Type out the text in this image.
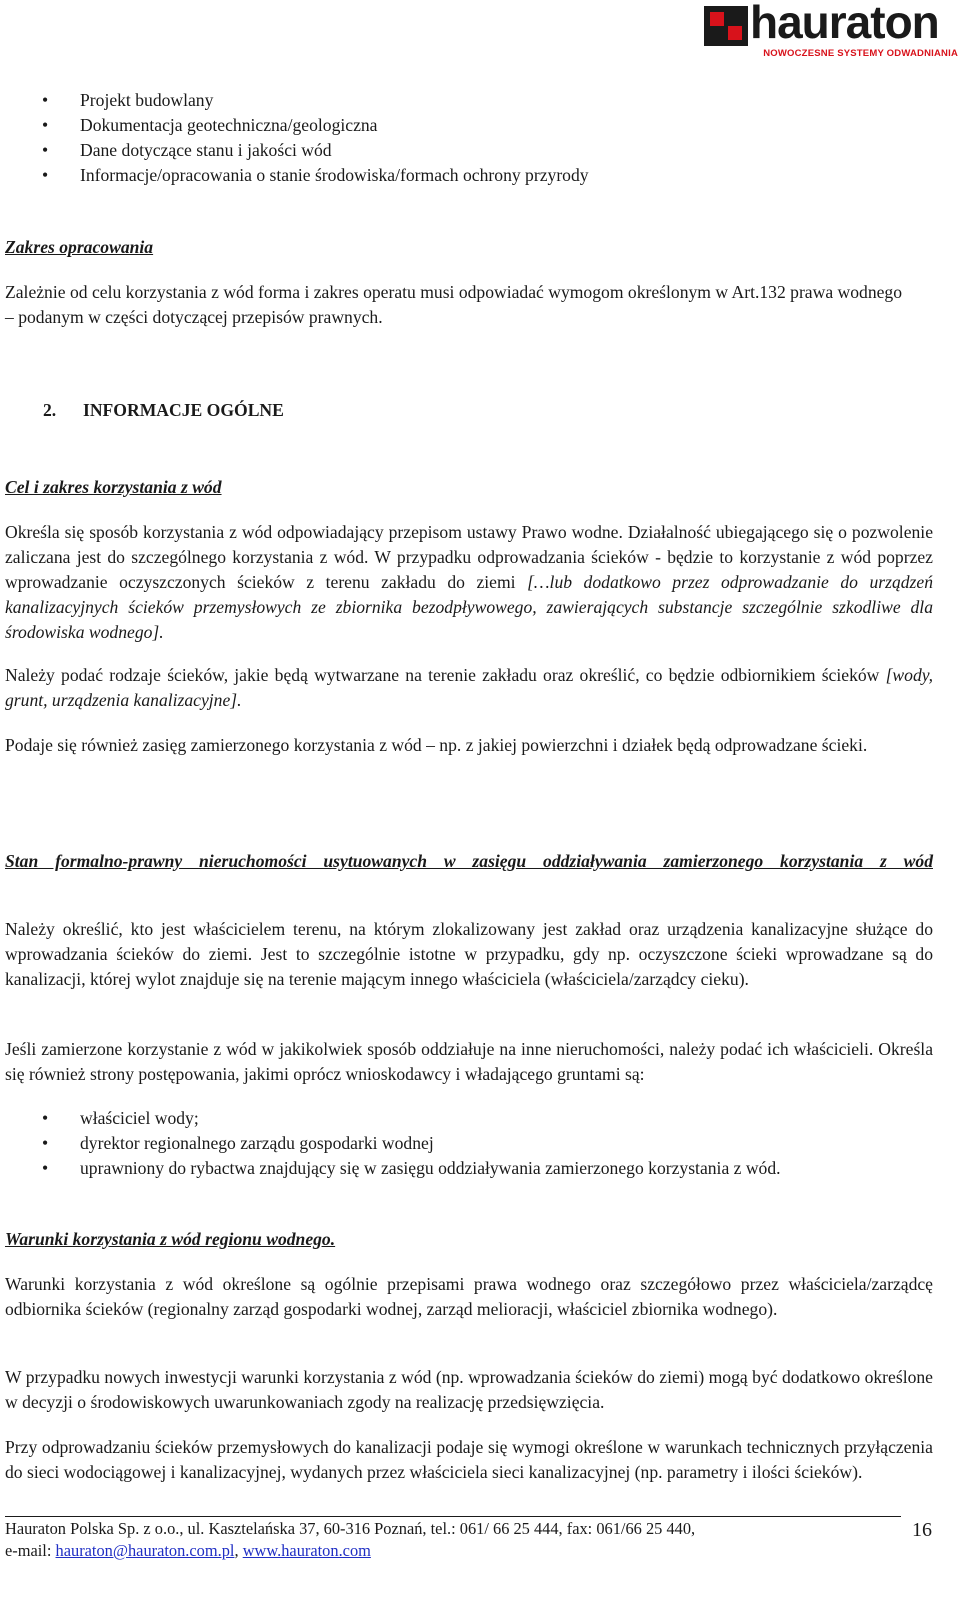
hauraton
NOWOCZESNE SYSTEMY ODWADNIANIA
• Projekt budowlany
• Dokumentacja geotechniczna/geologiczna
• Dane dotyczące stanu i jakości wód
• Informacje/opracowania o stanie środowiska/formach ochrony przyrody
Zakres opracowania
Zależnie od celu korzystania z wód forma i zakres operatu musi odpowiadać wymogom określonym w Art.132 prawa wodnego – podanym w części dotyczącej przepisów prawnych.
2. INFORMACJE OGÓLNE
Cel i zakres korzystania z wód
Określa się sposób korzystania z wód odpowiadający przepisom ustawy Prawo wodne. Działalność ubiegającego się o pozwolenie zaliczana jest do szczególnego korzystania z wód. W przypadku odprowadzania ścieków - będzie to korzystanie z wód poprzez wprowadzanie oczyszczonych ścieków z terenu zakładu do ziemi […lub dodatkowo przez odprowadzanie do urządzeń kanalizacyjnych ścieków przemysłowych ze zbiornika bezodpływowego, zawierających substancje szczególnie szkodliwe dla środowiska wodnego].
Należy podać rodzaje ścieków, jakie będą wytwarzane na terenie zakładu oraz określić, co będzie odbiornikiem ścieków [wody, grunt, urządzenia kanalizacyjne].
Podaje się również zasięg zamierzonego korzystania z wód – np. z jakiej powierzchni i działek będą odprowadzane ścieki.
Stan formalno-prawny nieruchomości usytuowanych w zasięgu oddziaływania zamierzonego korzystania z wód
Należy określić, kto jest właścicielem terenu, na którym zlokalizowany jest zakład oraz urządzenia kanalizacyjne służące do wprowadzania ścieków do ziemi. Jest to szczególnie istotne w przypadku, gdy np. oczyszczone ścieki wprowadzane są do kanalizacji, której wylot znajduje się na terenie mającym innego właściciela (właściciela/zarządcy cieku).
Jeśli zamierzone korzystanie z wód w jakikolwiek sposób oddziałuje na inne nieruchomości, należy podać ich właścicieli. Określa się również strony postępowania, jakimi oprócz wnioskodawcy i władającego gruntami są:
• właściciel wody;
• dyrektor regionalnego zarządu gospodarki wodnej
• uprawniony do rybactwa znajdujący się w zasięgu oddziaływania zamierzonego korzystania z wód.
Warunki korzystania z wód regionu wodnego.
Warunki korzystania z wód określone są ogólnie przepisami prawa wodnego oraz szczegółowo przez właściciela/zarządcę odbiornika ścieków (regionalny zarząd gospodarki wodnej, zarząd melioracji, właściciel zbiornika wodnego).
W przypadku nowych inwestycji warunki korzystania z wód (np. wprowadzania ścieków do ziemi) mogą być dodatkowo określone w decyzji o środowiskowych uwarunkowaniach zgody na realizację przedsięwzięcia.
Przy odprowadzaniu ścieków przemysłowych do kanalizacji podaje się wymogi określone w warunkach technicznych przyłączenia do sieci wodociągowej i kanalizacyjnej, wydanych przez właściciela sieci kanalizacyjnej (np. parametry i ilości ścieków).
Hauraton Polska Sp. z o.o., ul. Kasztelańska 37, 60-316 Poznań, tel.: 061/ 66 25 444, fax: 061/66 25 440,
e-mail: hauraton@hauraton.com.pl, www.hauraton.com
16
